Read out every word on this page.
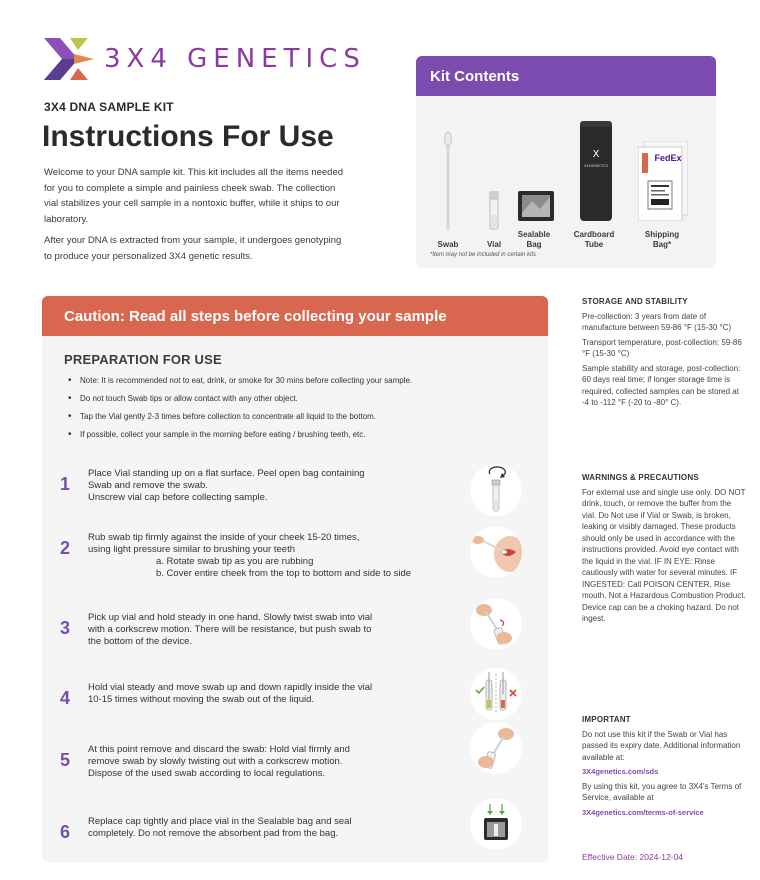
3X4 GENETICS
3X4 DNA SAMPLE KIT
Instructions For Use

Welcome to your DNA sample kit. This kit includes all the items needed for you to complete a simple and painless cheek swab. The collection vial stabilizes your cell sample in a nontoxic buffer, while it ships to our laboratory.

After your DNA is extracted from your sample, it undergoes genotyping to produce your personalized 3X4 genetic results.

Kit Contents
Swab	Vial
Sealable Bag
X
3X4GENETICS
Cardboard Tube
FedEx
Shipping Bag*
*Item may not be included in certain kits
Caution: Read all steps before collecting your sample
PREPARATION FOR USE
• Note: It is recommended not to eat, drink, or smoke for 30 mins before collecting your sample.
• Do not touch Swab tips or allow contact with any other object.
• Tap the Vial gently 2-3 times before collection to concentrate all liquid to the bottom.
• If possible, collect your sample in the morning before eating / brushing teeth, etc.
1
Place Vial standing up on a flat surface. Peel open bag containing
Swab and remove the swab.
Unscrew vial cap before collecting sample.
2
Rub swab tip firmly against the inside of your cheek 15-20 times,
using light pressure similar to brushing your teeth
a. Rotate swab tip as you are rubbing
b. Cover entire cheek from the top to bottom and side to side
3
Pick up vial and hold steady in one hand. Slowly twist swab into vial
with a corkscrew motion. There will be resistance, but push swab to
the bottom of the device.
4
Hold vial steady and move swab up and down rapidly inside the vial
10-15 times without moving the swab out of the liquid.
5
At this point remove and discard the swab: Hold vial firmly and
remove swab by slowly twisting out with a corkscrew motion.
Dispose of the used swab according to local regulations.
6
Replace cap tightly and place vial in the Sealable bag and seal
completely. Do not remove the absorbent pad from the bag.
STORAGE AND STABILITY

Pre-collection: 3 years from date of manufacture between 59-86 °F (15-30 °C)

Transport temperature, post-collection: 59-86 °F (15-30 °C)

Sample stability and storage, post-collection: 60 days real time; if longer storage time is required, collected samples can be stored at -4 to -112 °F (-20 to -80° C).

WARNINGS & PRECAUTIONS

For external use and single use only. DO NOT drink, touch, or remove the buffer from the vial. Do Not use if Vial or Swab, is broken, leaking or visibly damaged. These products should only be used in accordance with the instructions provided. Avoid eye contact with the liquid in the vial. IF IN EYE: Rinse cautiously with water for several minutes. IF INGESTED: Call POISON CENTER. Rise mouth. Not a Hazardous Combustion Product. Device cap can be a choking hazard. Do not ingest.

IMPORTANT

Do not use this kit if the Swab or Vial has passed its expiry date. Additional information available at:

3X4genetics.com/sds

By using this kit, you agree to 3X4's Terms of Service, available at

3X4genetics.com/terms-of-service

Effective Date: 2024-12-04
